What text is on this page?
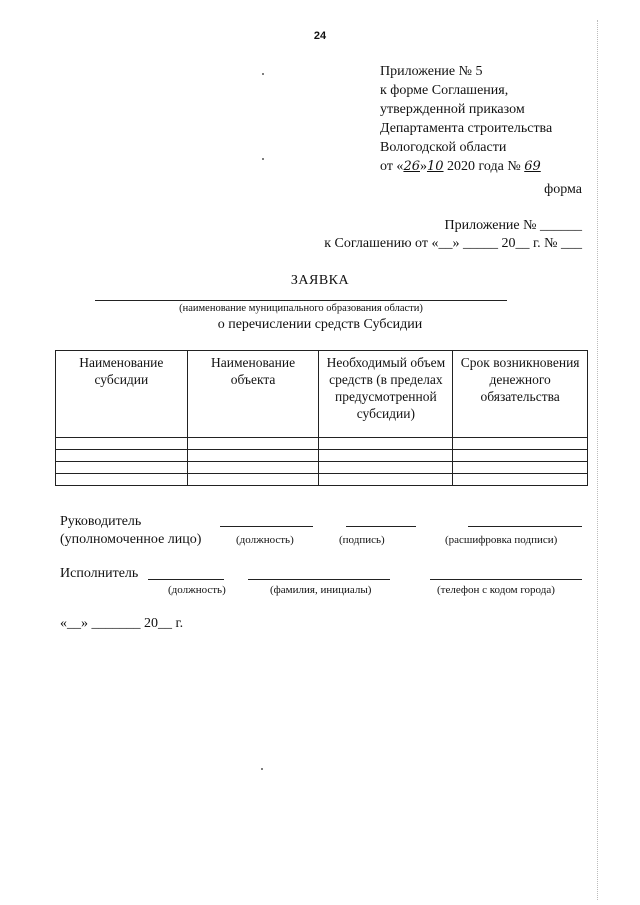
24
Приложение № 5
к форме Соглашения,
утвержденной приказом
Департамента строительства
Вологодской области
от «26»10 2020 года № 69
форма
Приложение № ______
к Соглашению от «__» _____ 20__ г. № ___
ЗАЯВКА
(наименование муниципального образования области)
о перечислении средств Субсидии
Наименование субсидии	Наименование объекта	Необходимый объем средств (в пределах предусмотренной субсидии)	Срок возникновения денежного обязательства

Руководитель
(уполномоченное лицо)	(должность)	(подпись)	(расшифровка подписи)
Исполнитель
(должность)	(фамилия, инициалы)	(телефон с кодом города)
«__» _______ 20__ г.
